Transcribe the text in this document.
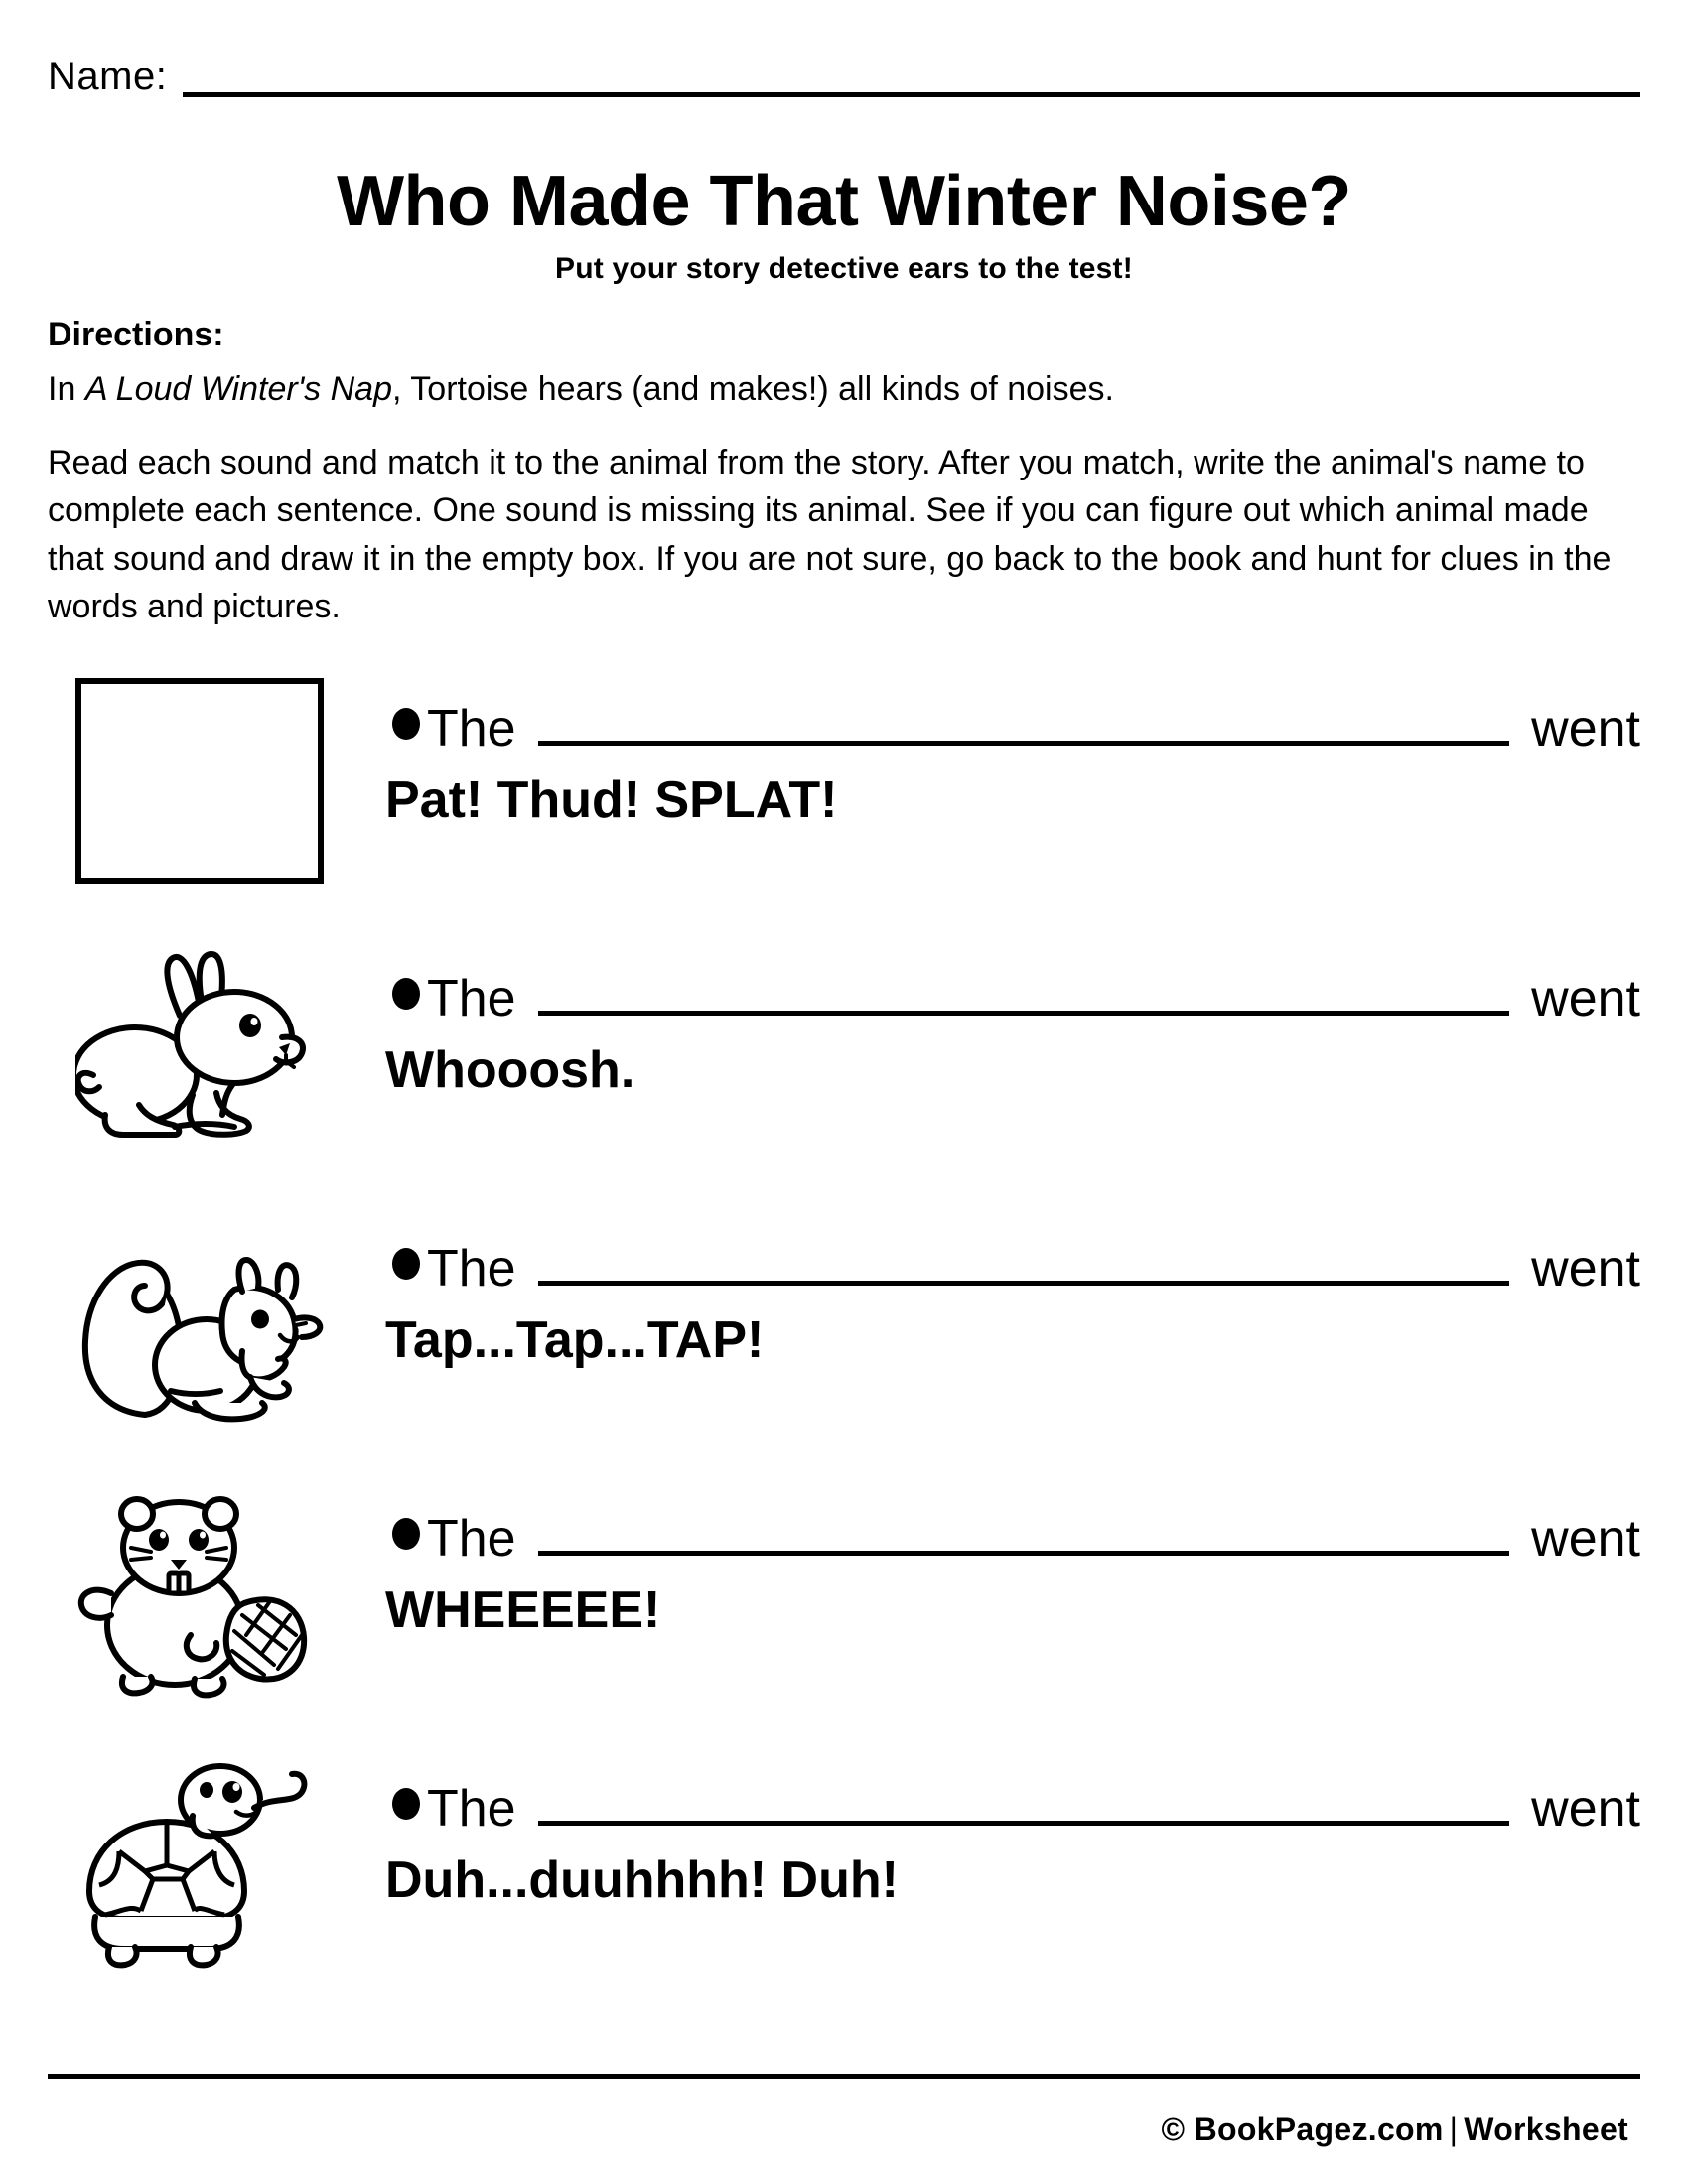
Name:
Who Made That Winter Noise?
Put your story detective ears to the test!
Directions:
In A Loud Winter's Nap, Tortoise hears (and makes!) all kinds of noises.
Read each sound and match it to the animal from the story. After you match, write the animal's name to complete each sentence. One sound is missing its animal. See if you can figure out which animal made that sound and draw it in the empty box. If you are not sure, go back to the book and hunt for clues in the words and pictures.
The	went
Pat! Thud! SPLAT!
The	went
Whooosh.
The	went
Tap...Tap...TAP!
The	went
WHEEEEE!
The	went
Duh...duuhhhh! Duh!
© BookPagez.com | Worksheet
